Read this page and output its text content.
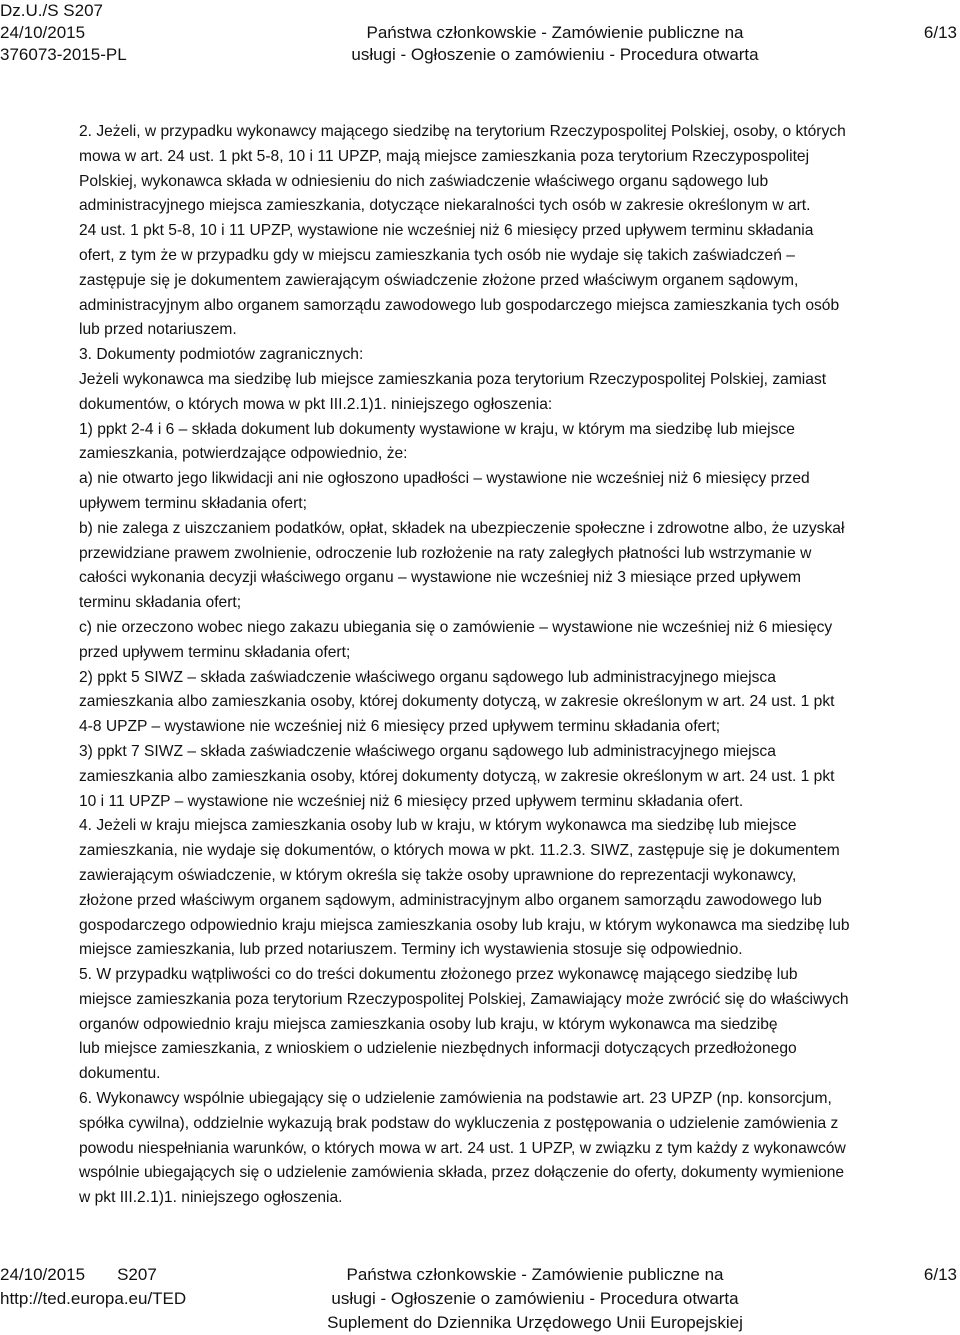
Dz.U./S S207
24/10/2015
376073-2015-PL
Państwa członkowskie - Zamówienie publiczne na
usługi - Ogłoszenie o zamówieniu - Procedura otwarta
6/13

2. Jeżeli, w przypadku wykonawcy mającego siedzibę na terytorium Rzeczypospolitej Polskiej, osoby, o których

mowa w art. 24 ust. 1 pkt 5-8, 10 i 11 UPZP, mają miejsce zamieszkania poza terytorium Rzeczypospolitej

Polskiej, wykonawca składa w odniesieniu do nich zaświadczenie właściwego organu sądowego lub

administracyjnego miejsca zamieszkania, dotyczące niekaralności tych osób w zakresie określonym w art.

24 ust. 1 pkt 5-8, 10 i 11 UPZP, wystawione nie wcześniej niż 6 miesięcy przed upływem terminu składania

ofert, z tym że w przypadku gdy w miejscu zamieszkania tych osób nie wydaje się takich zaświadczeń –

zastępuje się je dokumentem zawierającym oświadczenie złożone przed właściwym organem sądowym,

administracyjnym albo organem samorządu zawodowego lub gospodarczego miejsca zamieszkania tych osób

lub przed notariuszem.

3. Dokumenty podmiotów zagranicznych:

Jeżeli wykonawca ma siedzibę lub miejsce zamieszkania poza terytorium Rzeczypospolitej Polskiej, zamiast

dokumentów, o których mowa w pkt III.2.1)1. niniejszego ogłoszenia:

1) ppkt 2-4 i 6 – składa dokument lub dokumenty wystawione w kraju, w którym ma siedzibę lub miejsce

zamieszkania, potwierdzające odpowiednio, że:

a) nie otwarto jego likwidacji ani nie ogłoszono upadłości – wystawione nie wcześniej niż 6 miesięcy przed

upływem terminu składania ofert;

b) nie zalega z uiszczaniem podatków, opłat, składek na ubezpieczenie społeczne i zdrowotne albo, że uzyskał

przewidziane prawem zwolnienie, odroczenie lub rozłożenie na raty zaległych płatności lub wstrzymanie w

całości wykonania decyzji właściwego organu – wystawione nie wcześniej niż 3 miesiące przed upływem

terminu składania ofert;

c) nie orzeczono wobec niego zakazu ubiegania się o zamówienie – wystawione nie wcześniej niż 6 miesięcy

przed upływem terminu składania ofert;

2) ppkt 5 SIWZ – składa zaświadczenie właściwego organu sądowego lub administracyjnego miejsca

zamieszkania albo zamieszkania osoby, której dokumenty dotyczą, w zakresie określonym w art. 24 ust. 1 pkt

4-8 UPZP – wystawione nie wcześniej niż 6 miesięcy przed upływem terminu składania ofert;

3) ppkt 7 SIWZ – składa zaświadczenie właściwego organu sądowego lub administracyjnego miejsca

zamieszkania albo zamieszkania osoby, której dokumenty dotyczą, w zakresie określonym w art. 24 ust. 1 pkt

10 i 11 UPZP – wystawione nie wcześniej niż 6 miesięcy przed upływem terminu składania ofert.

4. Jeżeli w kraju miejsca zamieszkania osoby lub w kraju, w którym wykonawca ma siedzibę lub miejsce

zamieszkania, nie wydaje się dokumentów, o których mowa w pkt. 11.2.3. SIWZ, zastępuje się je dokumentem

zawierającym oświadczenie, w którym określa się także osoby uprawnione do reprezentacji wykonawcy,

złożone przed właściwym organem sądowym, administracyjnym albo organem samorządu zawodowego lub

gospodarczego odpowiednio kraju miejsca zamieszkania osoby lub kraju, w którym wykonawca ma siedzibę lub

miejsce zamieszkania, lub przed notariuszem. Terminy ich wystawienia stosuje się odpowiednio.

5. W przypadku wątpliwości co do treści dokumentu złożonego przez wykonawcę mającego siedzibę lub

miejsce zamieszkania poza terytorium Rzeczypospolitej Polskiej, Zamawiający może zwrócić się do właściwych

organów odpowiednio kraju miejsca zamieszkania osoby lub kraju, w którym wykonawca ma siedzibę

lub miejsce zamieszkania, z wnioskiem o udzielenie niezbędnych informacji dotyczących przedłożonego

dokumentu.

6. Wykonawcy wspólnie ubiegający się o udzielenie zamówienia na podstawie art. 23 UPZP (np. konsorcjum,

spółka cywilna), oddzielnie wykazują brak podstaw do wykluczenia z postępowania o udzielenie zamówienia z

powodu niespełniania warunków, o których mowa w art. 24 ust. 1 UPZP, w związku z tym każdy z wykonawców

wspólnie ubiegających się o udzielenie zamówienia składa, przez dołączenie do oferty, dokumenty wymienione

w pkt III.2.1)1. niniejszego ogłoszenia.

24/10/2015 S207
http://ted.europa.eu/TED
Państwa członkowskie - Zamówienie publiczne na
usługi - Ogłoszenie o zamówieniu - Procedura otwarta
Suplement do Dziennika Urzędowego Unii Europejskiej
6/13
